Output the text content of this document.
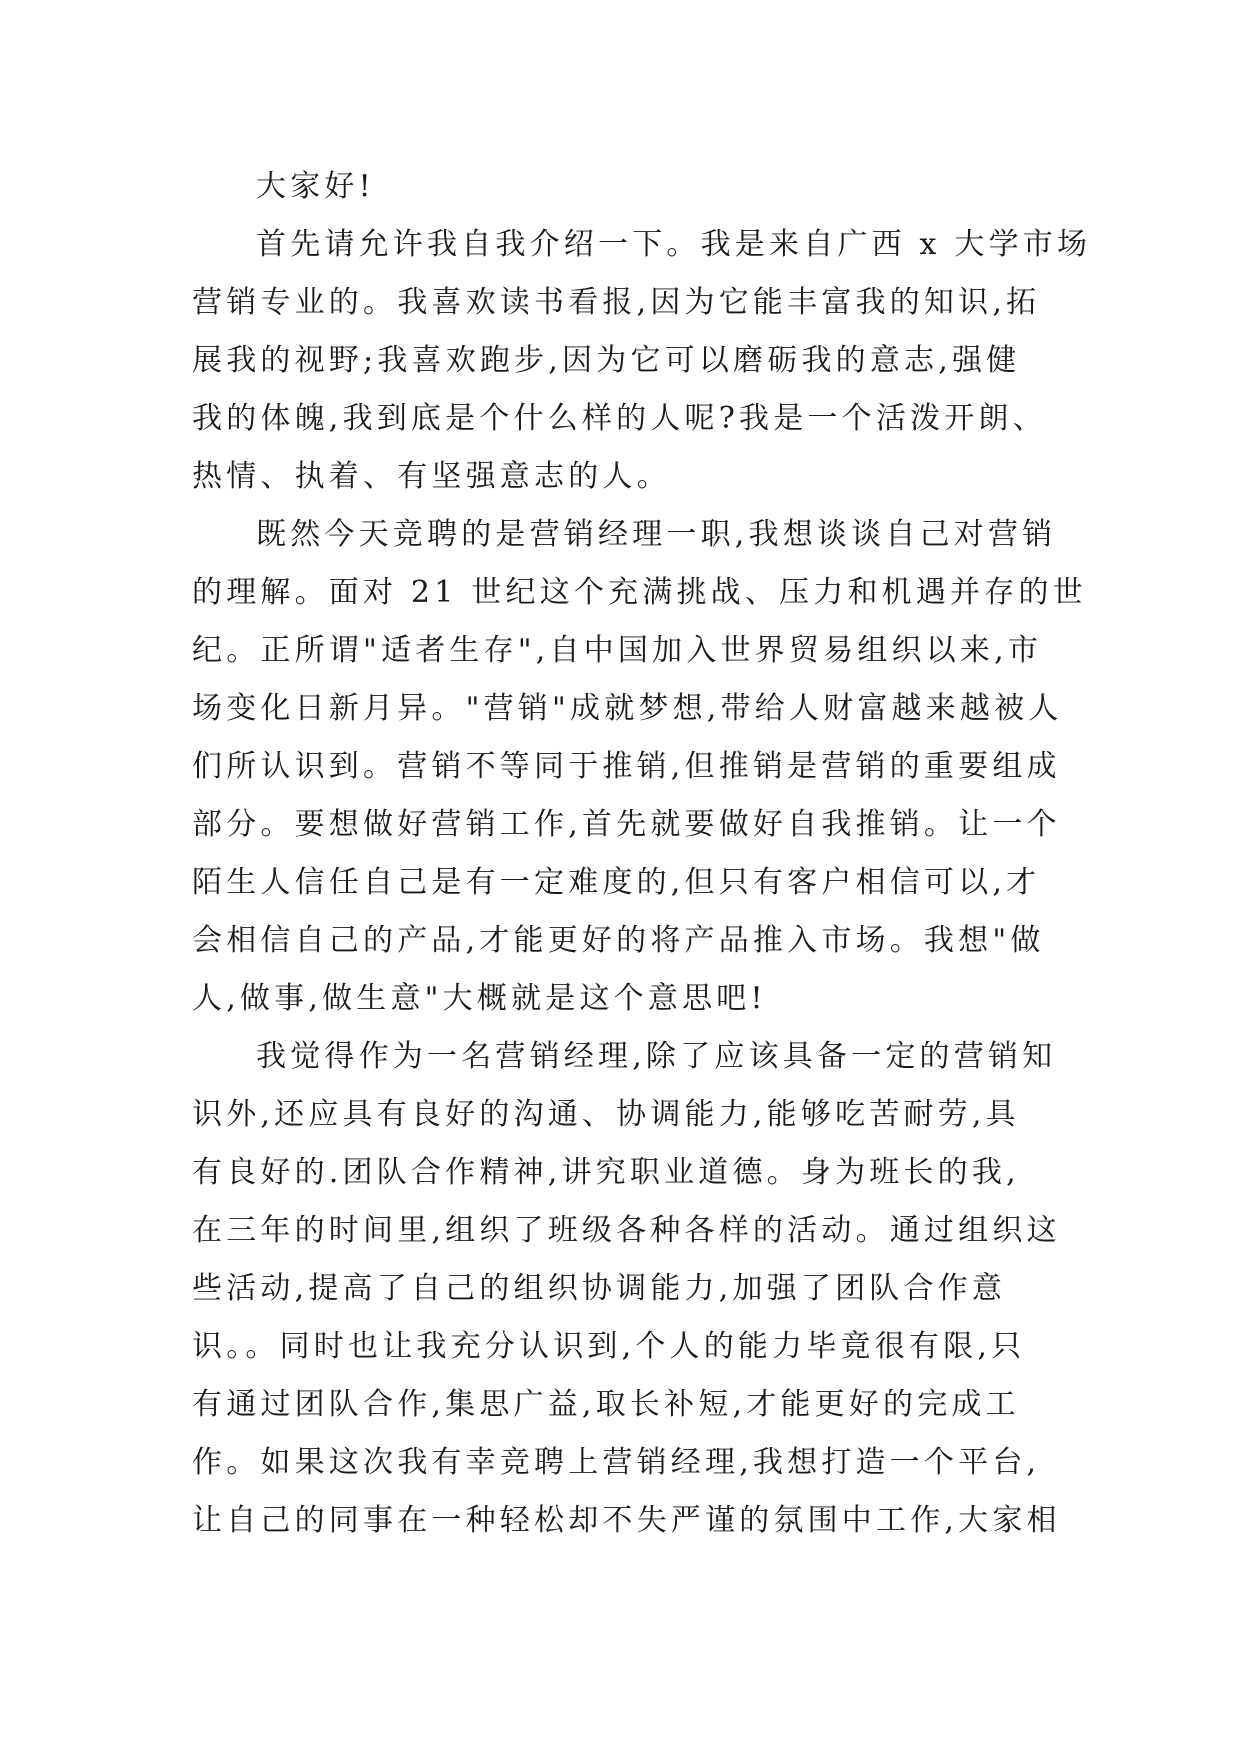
大家好!
首先请允许我自我介绍一下。我是来自广西 x 大学市场
营销专业的。我喜欢读书看报,因为它能丰富我的知识,拓
展我的视野;我喜欢跑步,因为它可以磨砺我的意志,强健
我的体魄,我到底是个什么样的人呢?我是一个活泼开朗、
热情、执着、有坚强意志的人。
既然今天竞聘的是营销经理一职,我想谈谈自己对营销
的理解。面对 21 世纪这个充满挑战、压力和机遇并存的世
纪。正所谓"适者生存",自中国加入世界贸易组织以来,市
场变化日新月异。"营销"成就梦想,带给人财富越来越被人
们所认识到。营销不等同于推销,但推销是营销的重要组成
部分。要想做好营销工作,首先就要做好自我推销。让一个
陌生人信任自己是有一定难度的,但只有客户相信可以,才
会相信自己的产品,才能更好的将产品推入市场。我想"做
人,做事,做生意"大概就是这个意思吧!
我觉得作为一名营销经理,除了应该具备一定的营销知
识外,还应具有良好的沟通、协调能力,能够吃苦耐劳,具
有良好的.团队合作精神,讲究职业道德。身为班长的我,
在三年的时间里,组织了班级各种各样的活动。通过组织这
些活动,提高了自己的组织协调能力,加强了团队合作意
识。。同时也让我充分认识到,个人的能力毕竟很有限,只
有通过团队合作,集思广益,取长补短,才能更好的完成工
作。如果这次我有幸竞聘上营销经理,我想打造一个平台,
让自己的同事在一种轻松却不失严谨的氛围中工作,大家相
